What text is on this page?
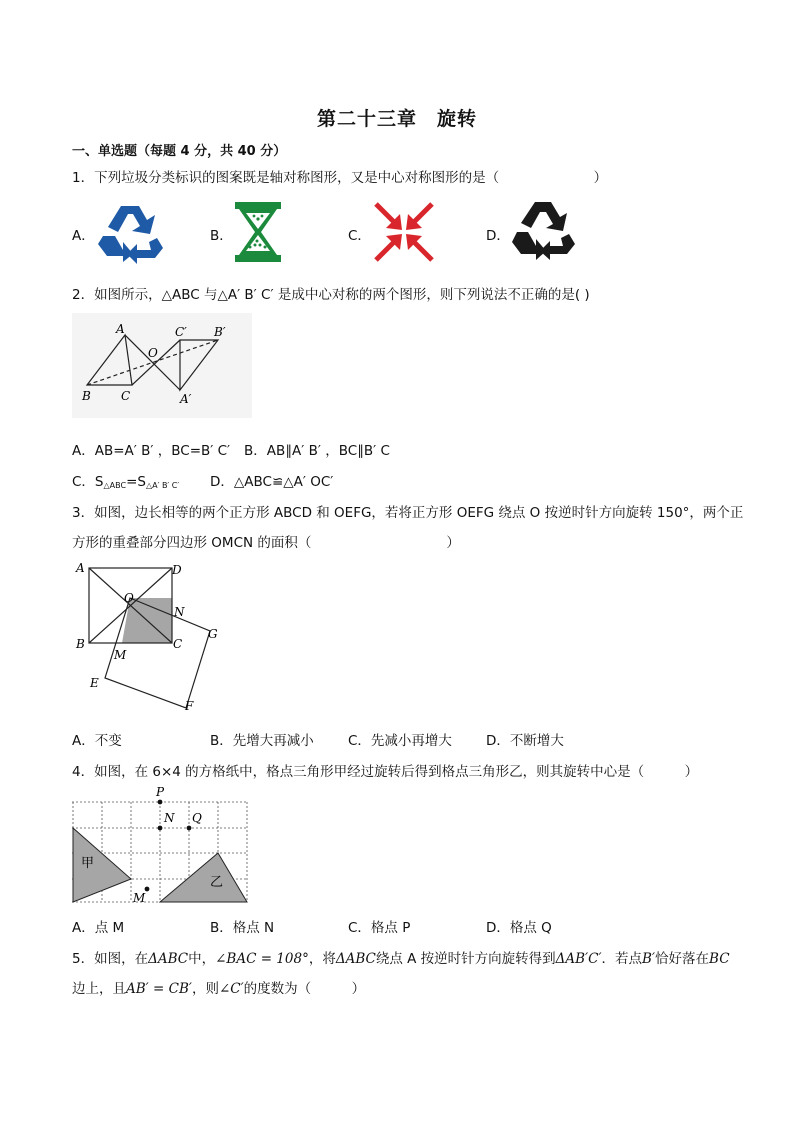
第二十三章　旋转
一、单选题（每题 4 分，共 40 分）
1．下列垃圾分类标识的图案既是轴对称图形，又是中心对称图形的是（　　　　　　　）
A．	B．	C．	D．
2．如图所示，△ABC 与△A′ B′ C′ 是成中心对称的两个图形，则下列说法不正确的是( )
A
B	C
O
C′ B′
A′
A．AB=A′ B′ ，BC=B′ C′ B．AB∥A′ B′ ，BC∥B′ C
C．$S_{\triangle ABC}=S_{\triangle A' B' C'}$ D．△ABC≌△A′ OC′
3．如图，边长相等的两个正方形 ABCD 和 OEFG，若将正方形 OEFG 绕点 O 按逆时针方向旋转 150°，两个正
方形的重叠部分四边形 OMCN 的面积（　　　　　　　　　　）
A	D
O
N
G
B
M
C
E
F
A．不变	B．先增大再减小	C．先减小再增大	D．不断增大
4．如图，在 6×4 的方格纸中，格点三角形甲经过旋转后得到格点三角形乙，则其旋转中心是（　　　）
P
N Q
M
甲
乙
A．点 M	B．格点 N	C．格点 P	D．格点 Q
5．如图，在ΔABC中，∠BAC = 108°，将ΔABC绕点 A 按逆时针方向旋转得到ΔAB′C′．若点B′恰好落在BC
边上，且AB′ = CB′，则∠C′的度数为（　　　）
